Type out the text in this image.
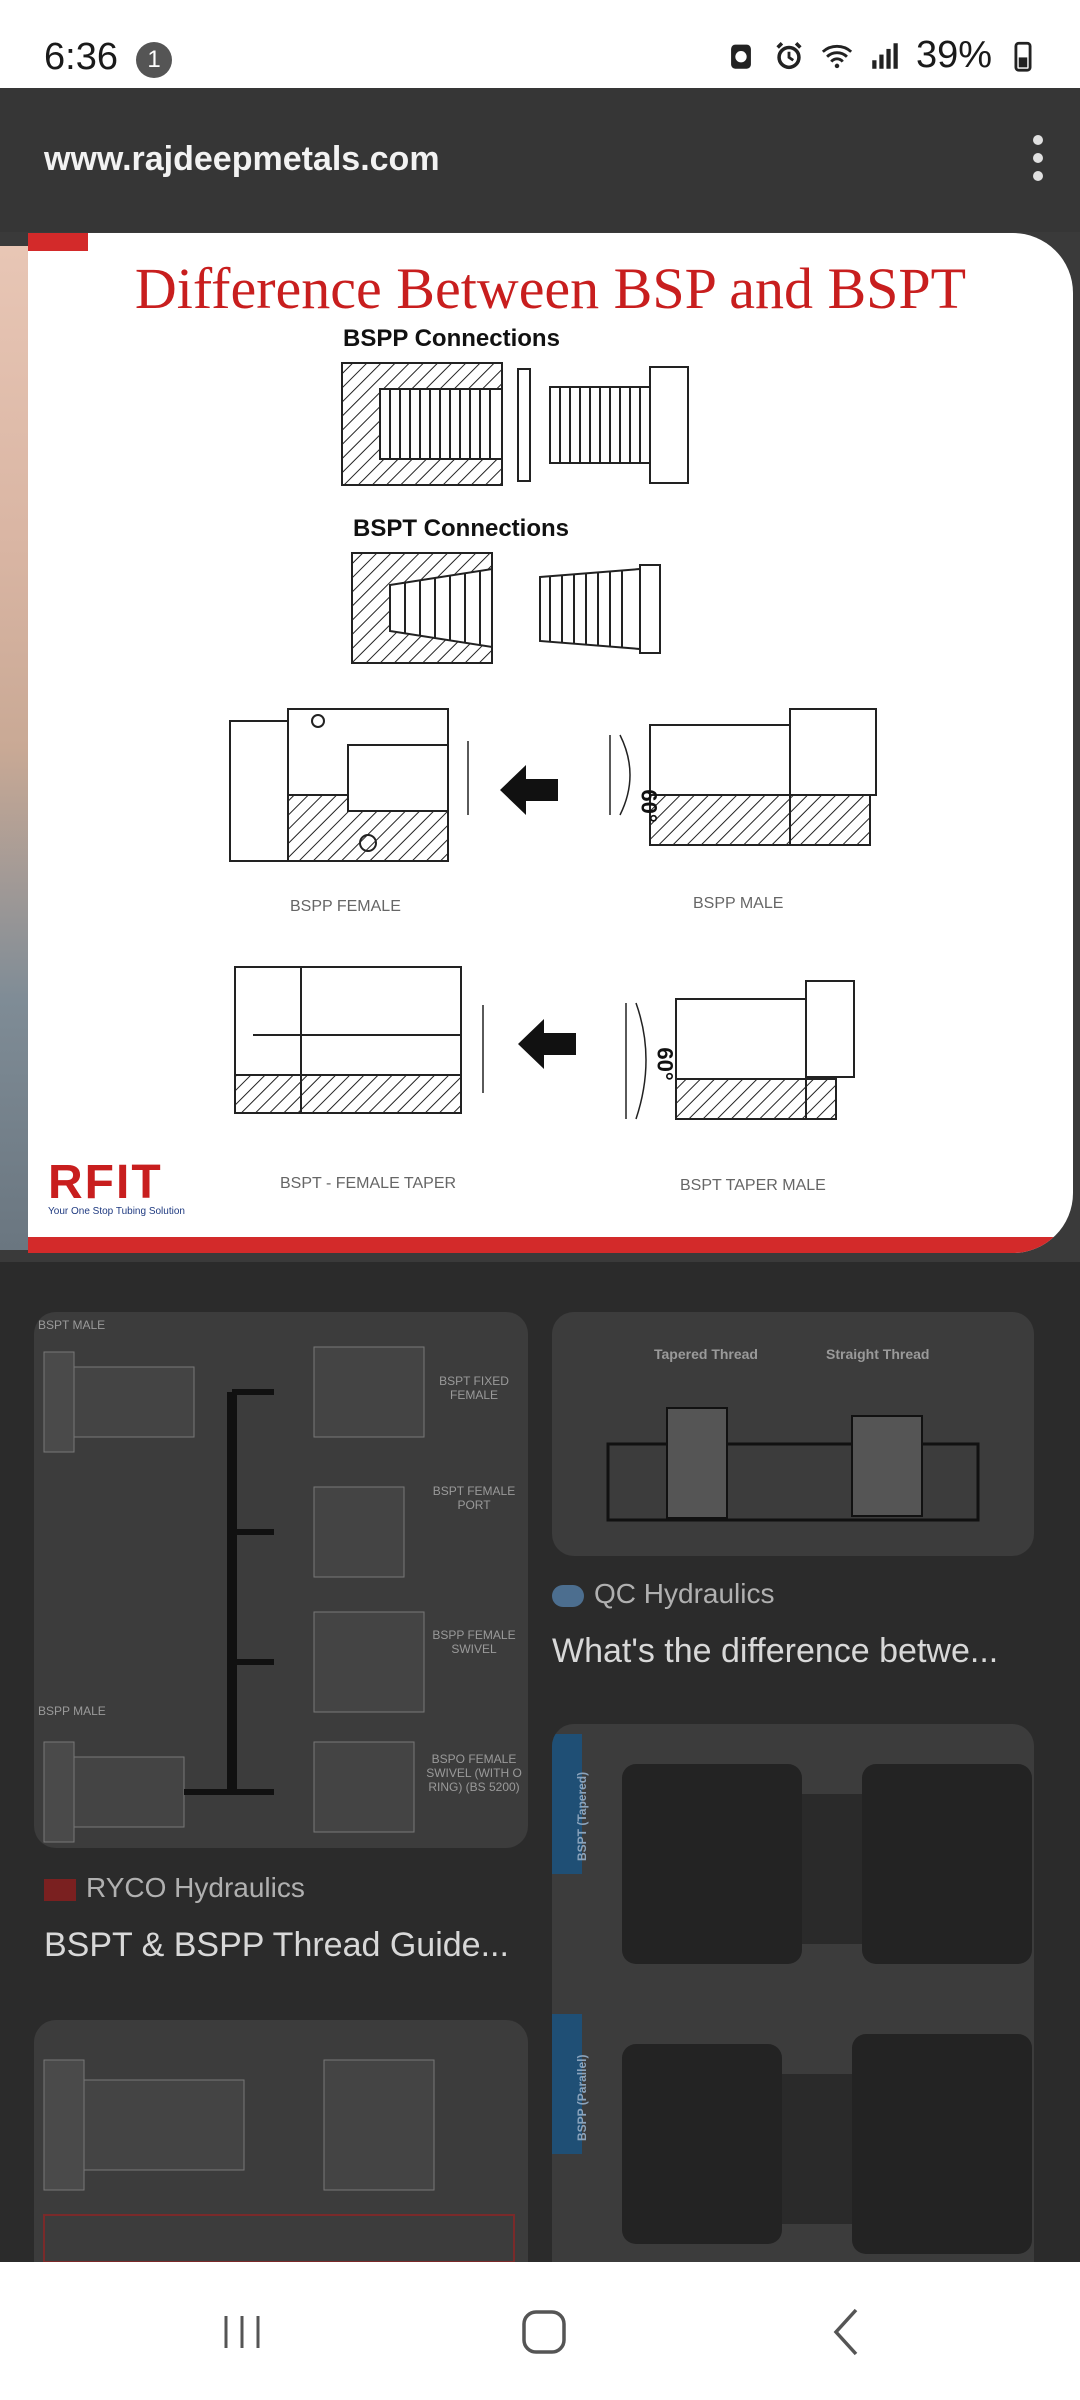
6:36	1	39%
www.rajdeepmetals.com
Difference Between BSP and BSPT
BSPP Connections
BSPT Connections
BSPP FEMALE	BSPP MALE
60°
BSPT - FEMALE TAPER	BSPT TAPER MALE
60°
RFIT
Your One Stop Tubing Solution
BSPT MALE
BSPP MALE
BSPT FIXED FEMALE
BSPT FEMALE PORT
BSPP FEMALE SWIVEL
BSPO FEMALE SWIVEL (WITH O RING) (BS 5200)
RYCO Hydraulics
BSPT & BSPP Thread Guide...
Tapered Thread	Straight Thread
QC Hydraulics
What's the difference betwe...
BSPT (Tapered)
BSPP (Parallel)
